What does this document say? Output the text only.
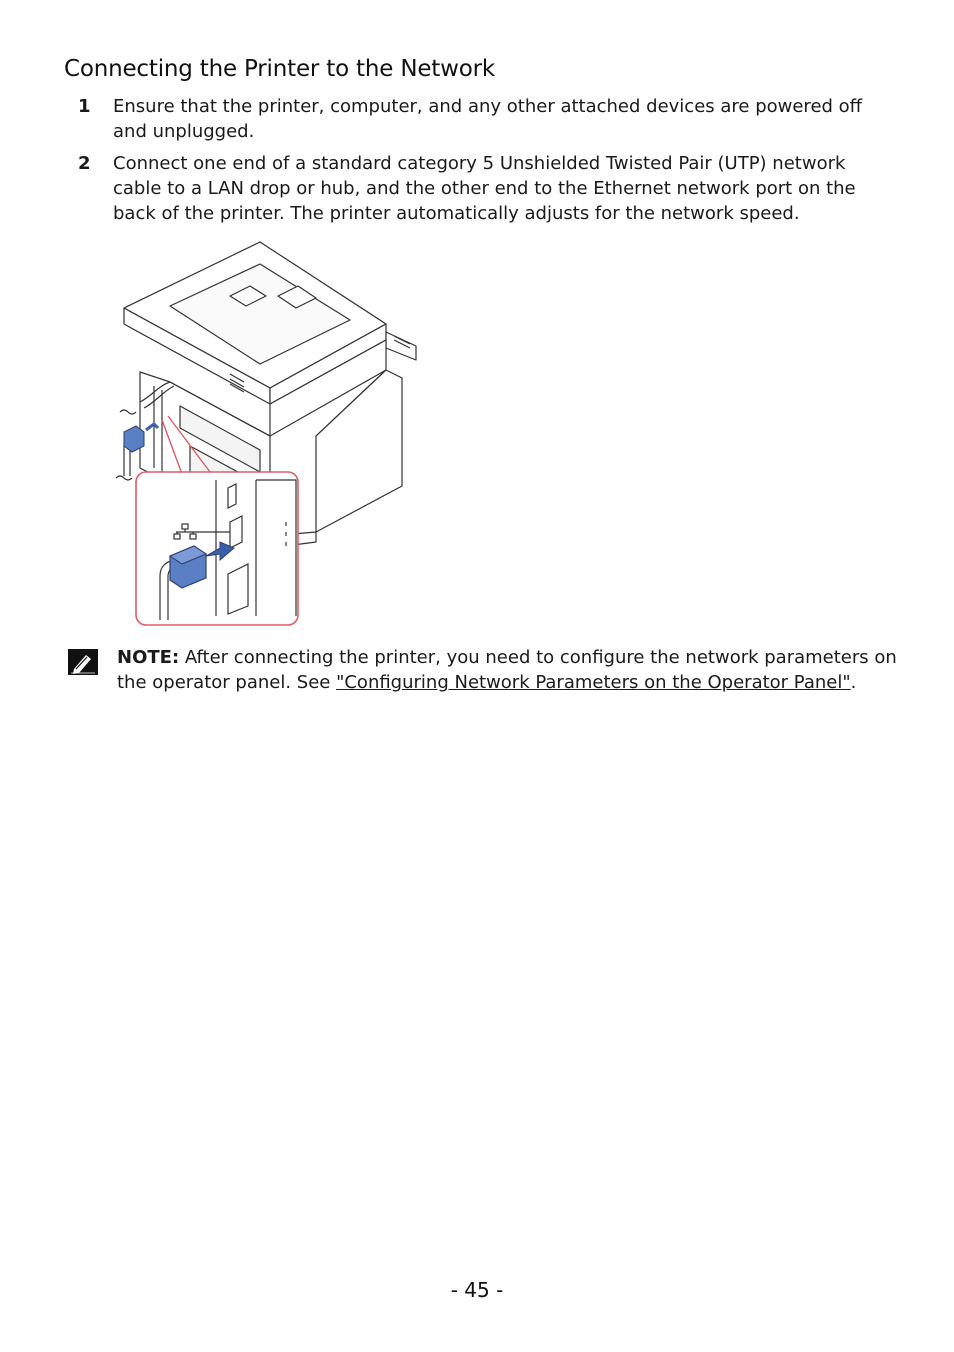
Connecting the Printer to the Network
1	Ensure that the printer, computer, and any other attached devices are powered off and unplugged.
2	Connect one end of a standard category 5 Unshielded Twisted Pair (UTP) network cable to a LAN drop or hub, and the other end to the Ethernet network port on the back of the printer. The printer automatically adjusts for the network speed.
NOTE: After connecting the printer, you need to configure the network parameters on the operator panel. See "Configuring Network Parameters on the Operator Panel".
- 45 -
